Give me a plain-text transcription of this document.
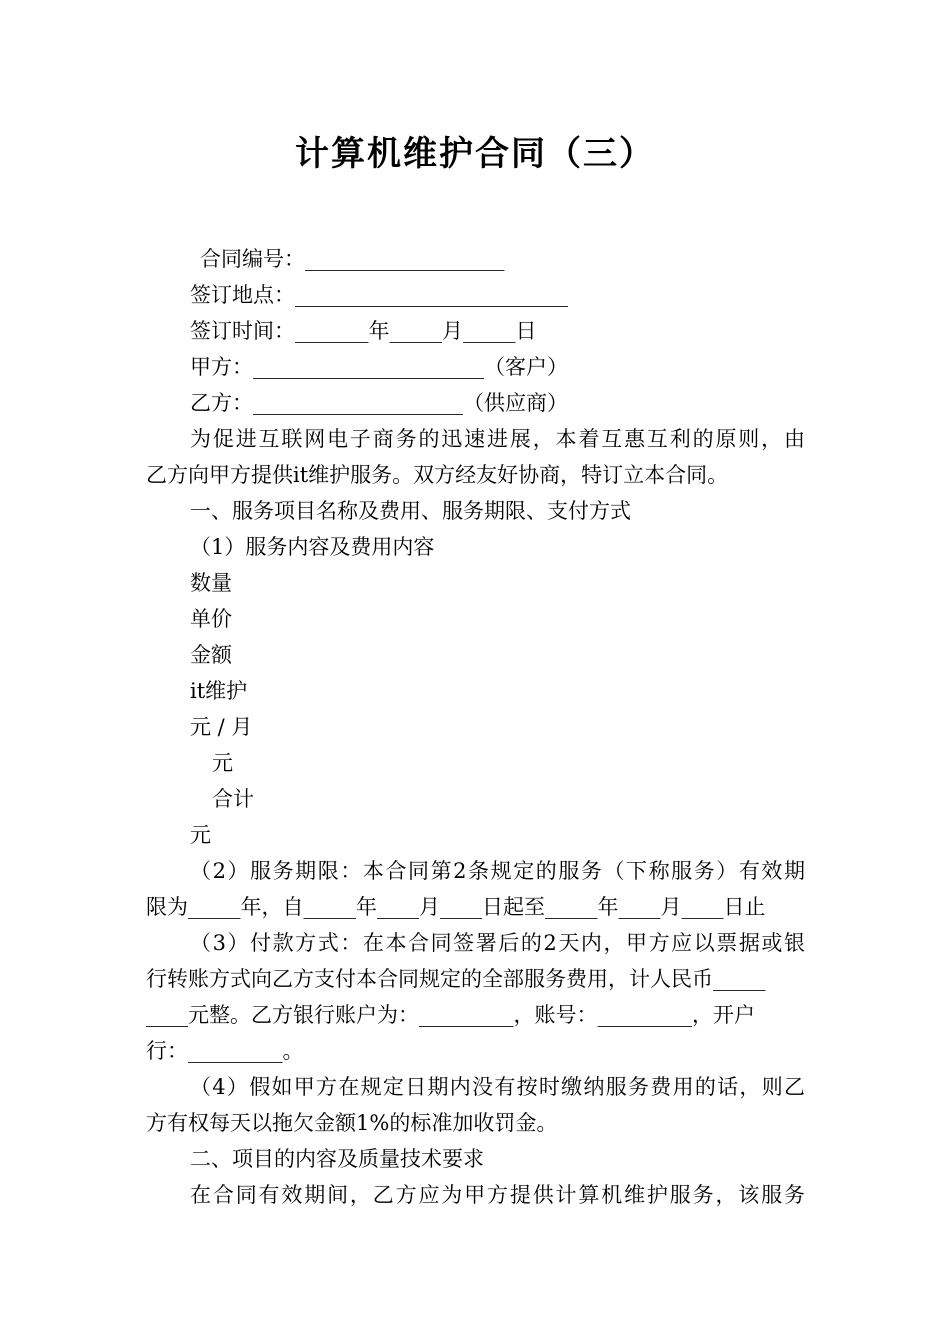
计算机维护合同（三）
合同编号：___________________
签订地点：__________________________
签订时间：_______年_____月_____日
甲方：______________________（客户）
乙方：____________________（供应商）
为促进互联网电子商务的迅速进展，本着互惠互利的原则，由
乙方向甲方提供it维护服务。双方经友好协商，特订立本合同。
一、服务项目名称及费用、服务期限、支付方式
（1）服务内容及费用内容
数量
单价
金额
it维护
元 / 月
元
合计
元
（2）服务期限：本合同第2条规定的服务（下称服务）有效期
限为_____年，自_____年____月____日起至_____年____月____日止
（3）付款方式：在本合同签署后的2天内，甲方应以票据或银
行转账方式向乙方支付本合同规定的全部服务费用，计人民币_____
____元整。乙方银行账户为：_________，账号：_________，开户
行：_________。
（4）假如甲方在规定日期内没有按时缴纳服务费用的话，则乙
方有权每天以拖欠金额1%的标准加收罚金。
二、项目的内容及质量技术要求
在合同有效期间，乙方应为甲方提供计算机维护服务，该服务
